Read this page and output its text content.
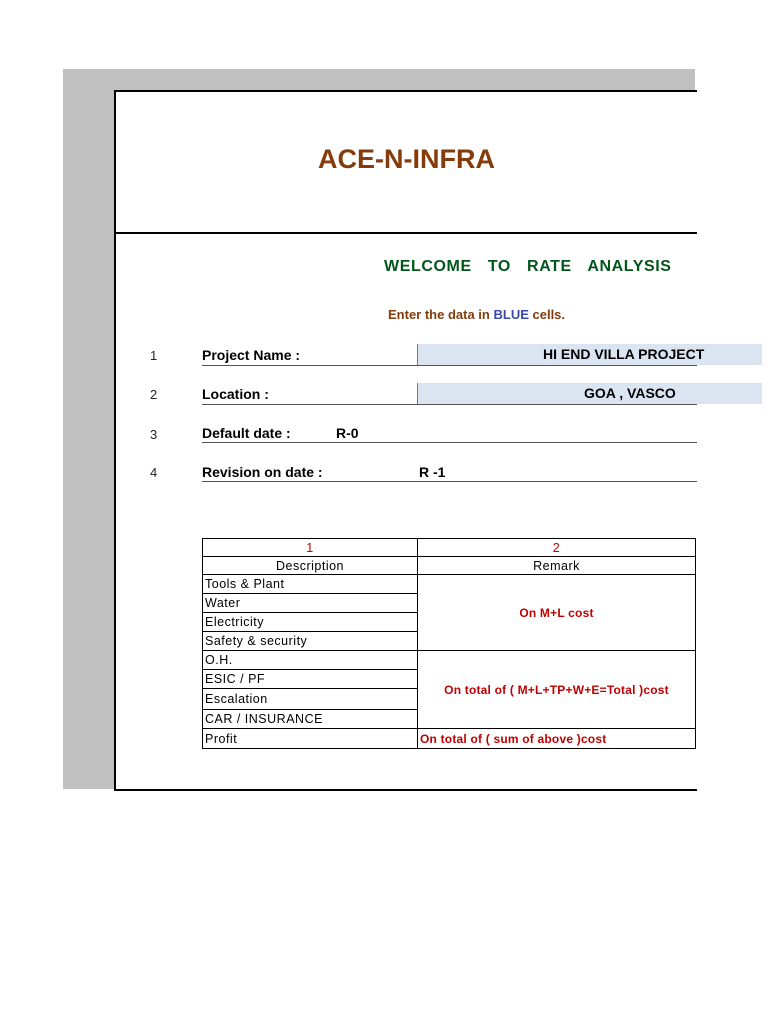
ACE-N-INFRA
WELCOME  TO  RATE  ANALYSIS
Enter the data in BLUE cells.
1	Project Name :	HI END VILLA PROJECT
2	Location :	GOA , VASCO
3	Default date :	R-0
4	Revision on date :	R -1
1	2
Description	Remark
Tools & Plant	On M+L cost
Water	
Electricity	
Safety & security	
O.H.	On total of ( M+L+TP+W+E=Total )cost
ESIC / PF	
Escalation	
CAR / INSURANCE	
Profit	On total of ( sum of above )cost
